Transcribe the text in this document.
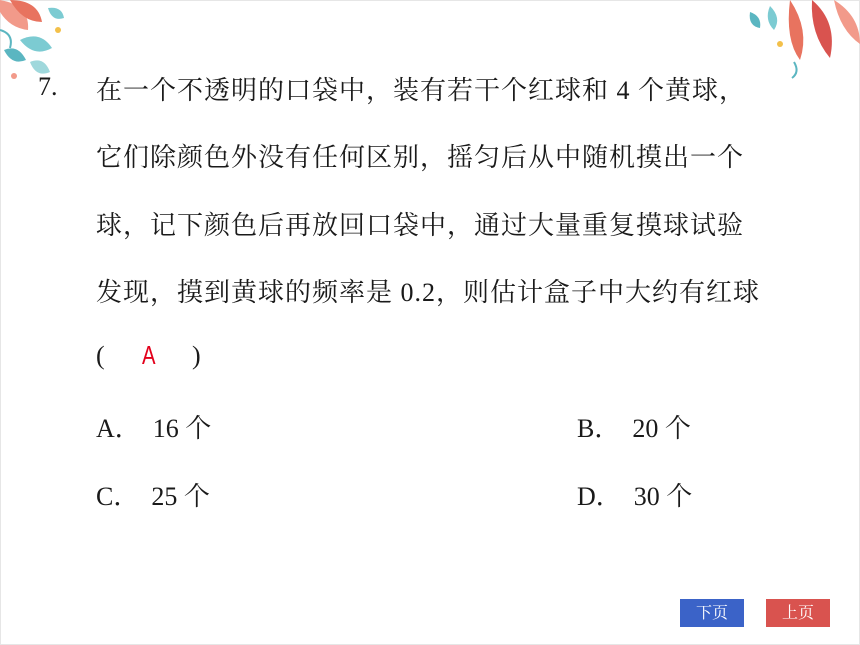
7. 在一个不透明的口袋中，装有若干个红球和 4 个黄球，
它们除颜色外没有任何区别，摇匀后从中随机摸出一个
球，记下颜色后再放回口袋中，通过大量重复摸球试验
发现，摸到黄球的频率是 0.2，则估计盒子中大约有红球
( A )
A． 16 个	B． 20 个
C． 25 个	D． 30 个
下页	上页
